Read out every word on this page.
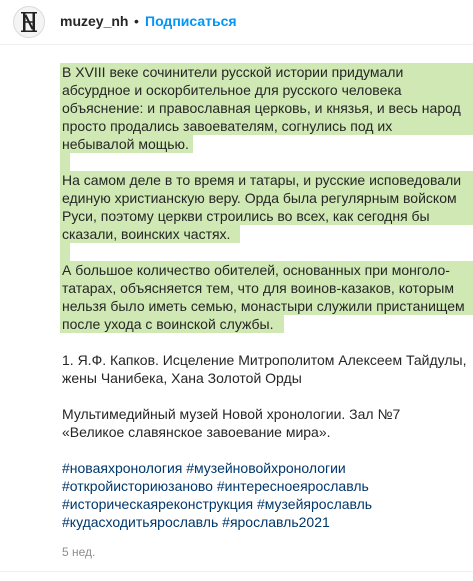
muzey_nh • Подписаться
В XVIII веке сочинители русской истории придумали
абсурдное и оскорбительное для русского человека
объяснение: и православная церковь, и князья, и весь народ
просто продались завоевателям, согнулись под их
небывалой мощью.
На самом деле в то время и татары, и русские исповедовали
единую христианскую веру. Орда была регулярным войском
Руси, поэтому церкви строились во всех, как сегодня бы
сказали, воинских частях.
А большое количество обителей, основанных при монголо-
татарах, объясняется тем, что для воинов-казаков, которым
нельзя было иметь семью, монастыри служили пристанищем
после ухода с воинской службы.
1. Я.Ф. Капков. Исцеление Митрополитом Алексеем Тайдулы,
жены Чанибека, Хана Золотой Орды
Мультимедийный музей Новой хронологии. Зал №7
«Великое славянское завоевание мира».
#новаяхронология #музейновойхронологии
#откройисториюзаново #интересноеярославль
#историческаяреконструкция #музейярославль
#кудасходитьярославль #ярославль2021
5 нед.
